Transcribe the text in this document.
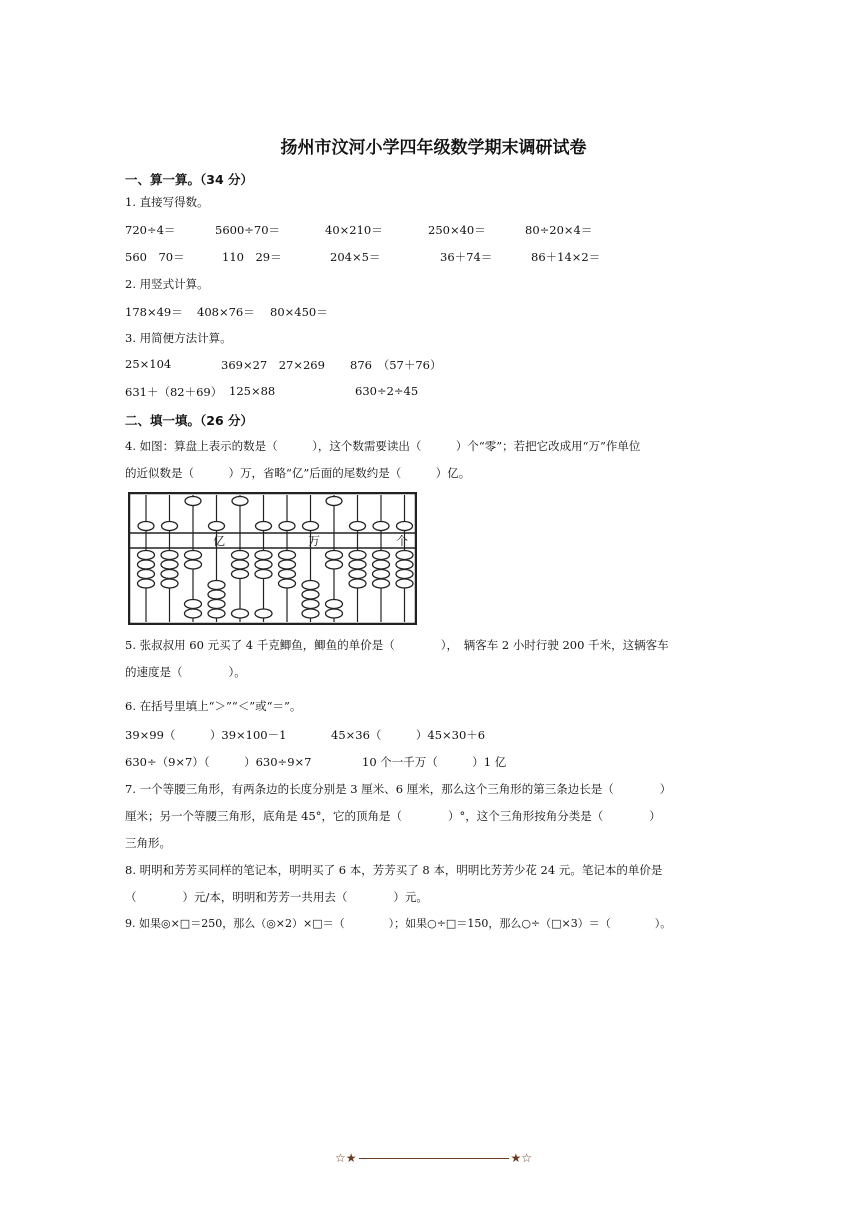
扬州市汶河小学四年级数学期末调研试卷
一、算一算。（34 分）
1. 直接写得数。
720÷4＝	5600÷70＝	40×210＝	250×40＝	80÷20×4＝
560　70＝	110　29＝	204×5＝	36＋74＝	86＋14×2＝
2. 用竖式计算。
178×49＝ 408×76＝ 80×450＝
3. 用简便方法计算。
25×104	369×27　27×269 876　（57＋76）
631＋（82＋69） 125×88	630÷2÷45
二、填一填。（26 分）
4. 如图：算盘上表示的数是（　　　），这个数需要读出（　　　）个“零”；若把它改成用“万”作单位
的近似数是（　　　）万，省略“亿”后面的尾数约是（　　　）亿。
亿	万	个
5. 张叔叔用 60 元买了 4 千克鲫鱼，鲫鱼的单价是（　　　　），　辆客车 2 小时行驶 200 千米，这辆客车
的速度是（　　　　）。
6. 在括号里填上“＞”“＜”或“＝”。
39×99（　　　）39×100－1	45×36（　　　）45×30＋6
630÷（9×7）（　　　）630÷9×7	10 个一千万（　　　）1 亿
7. 一个等腰三角形，有两条边的长度分别是 3 厘米、6 厘米，那么这个三角形的第三条边长是（　　　　）
厘米；另一个等腰三角形，底角是 45°，它的顶角是（　　　　）°，这个三角形按角分类是（　　　　）
三角形。
8. 明明和芳芳买同样的笔记本，明明买了 6 本，芳芳买了 8 本，明明比芳芳少花 24 元。笔记本的单价是
（　　　　）元/本，明明和芳芳一共用去（　　　　）元。
9. 如果◎×□＝250，那么（◎×2）×□＝（　　　　）；如果○÷□＝150，那么○÷（□×3）＝（　　　　）。
☆★	★☆
